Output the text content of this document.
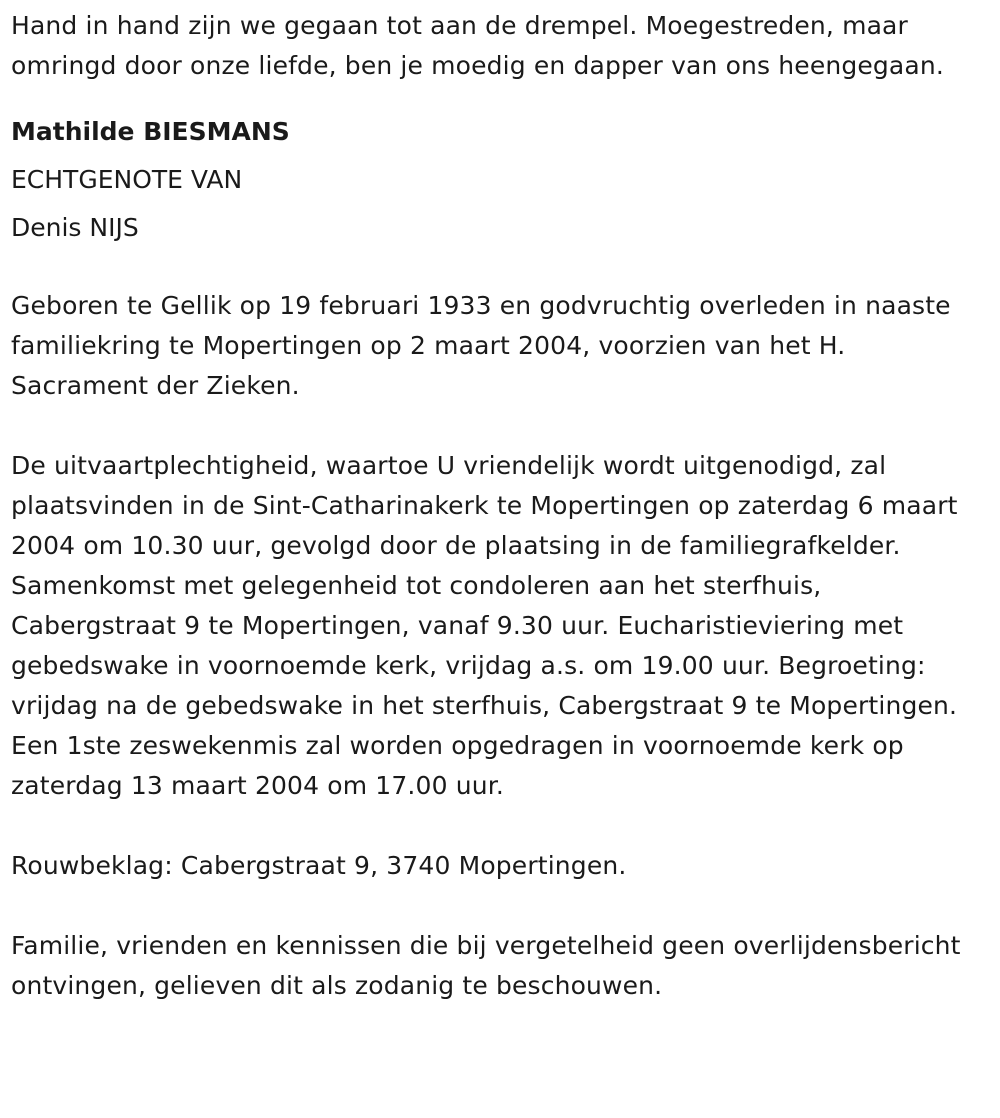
Hand in hand zijn we gegaan tot aan de drempel. Moegestreden, maar omringd door onze liefde, ben je moedig en dapper van ons heengegaan.

Mathilde BIESMANS

ECHTGENOTE VAN

Denis NIJS

Geboren te Gellik op 19 februari 1933 en godvruchtig overleden in naaste familiekring te Mopertingen op 2 maart 2004, voorzien van het H. Sacrament der Zieken.

De uitvaartplechtigheid, waartoe U vriendelijk wordt uitgenodigd, zal plaatsvinden in de Sint-Catharinakerk te Mopertingen op zaterdag 6 maart 2004 om 10.30 uur, gevolgd door de plaatsing in de familiegrafkelder. Samenkomst met gelegenheid tot condoleren aan het sterfhuis, Cabergstraat 9 te Mopertingen, vanaf 9.30 uur. Eucharistieviering met gebedswake in voornoemde kerk, vrijdag a.s. om 19.00 uur. Begroeting: vrijdag na de gebedswake in het sterfhuis, Cabergstraat 9 te Mopertingen. Een 1ste zeswekenmis zal worden opgedragen in voornoemde kerk op zaterdag 13 maart 2004 om 17.00 uur.

Rouwbeklag: Cabergstraat 9, 3740 Mopertingen.

Familie, vrienden en kennissen die bij vergetelheid geen overlijdensbericht ontvingen, gelieven dit als zodanig te beschouwen.
